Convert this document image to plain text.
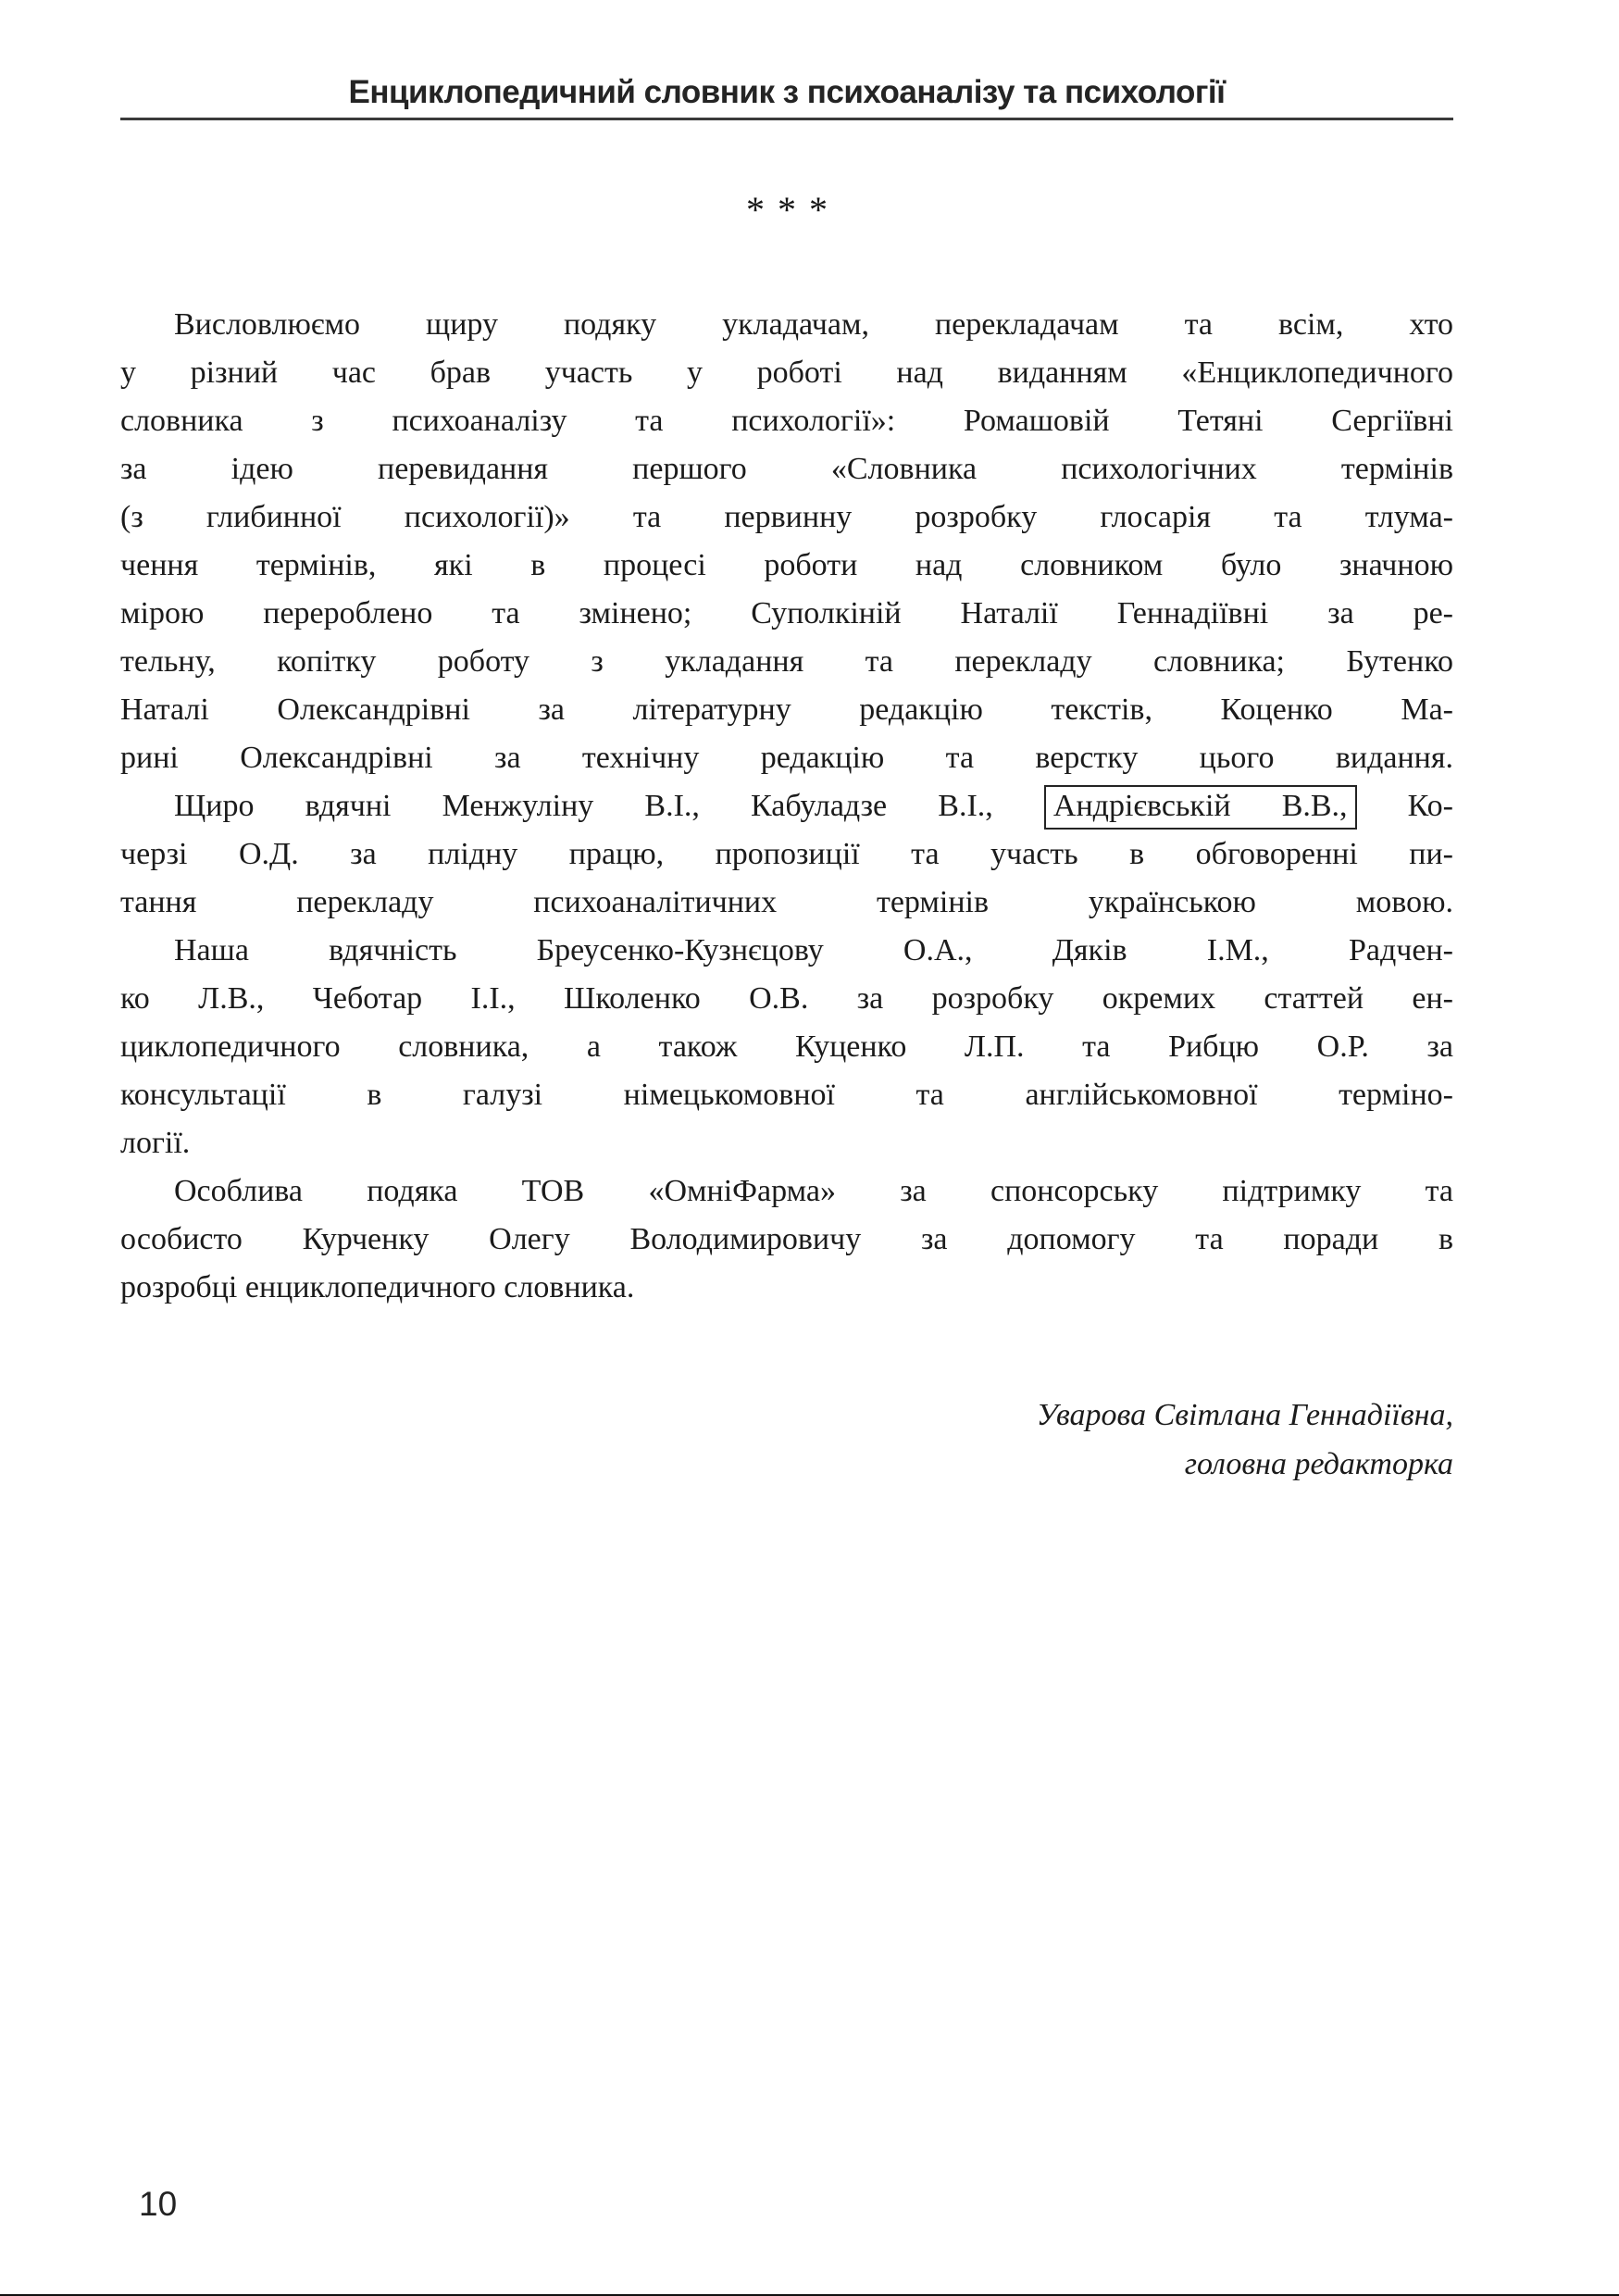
Енциклопедичний словник з психоаналізу та психології
* * *
Висловлюємо щиру подяку укладачам, перекладачам та всім, хто
у різний час брав участь у роботі над виданням «Енциклопедичного
словника з психоаналізу та психології»: Ромашовій Тетяні Сергіївні
за ідею перевидання першого «Словника психологічних термінів
(з глибинної психології)» та первинну розробку глосарія та тлума-
чення термінів, які в процесі роботи над словником було значною
мірою перероблено та змінено; Суполкіній Наталії Геннадіївні за ре-
тельну, копітку роботу з укладання та перекладу словника; Бутенко
Наталі Олександрівні за літературну редакцію текстів, Коценко Ма-
рині Олександрівні за технічну редакцію та верстку цього видання.
Щиро вдячні Менжуліну В.І., Кабуладзе В.І., Андрієвській В.В., Ко-
черзі О.Д. за плідну працю, пропозиції та участь в обговоренні пи-
тання перекладу психоаналітичних термінів українською мовою.
Наша вдячність Бреусенко-Кузнєцову О.А., Дяків І.М., Радчен-
ко Л.В., Чеботар І.І., Школенко О.В. за розробку окремих статтей ен-
циклопедичного словника, а також Куценко Л.П. та Рибцю О.Р. за
консультації в галузі німецькомовної та англійськомовної терміно-
логії.
Особлива подяка ТОВ «ОмніФарма» за спонсорську підтримку та
особисто Курченку Олегу Володимировичу за допомогу та поради в
розробці енциклопедичного словника.
Уварова Світлана Геннадіївна,
головна редакторка
10
